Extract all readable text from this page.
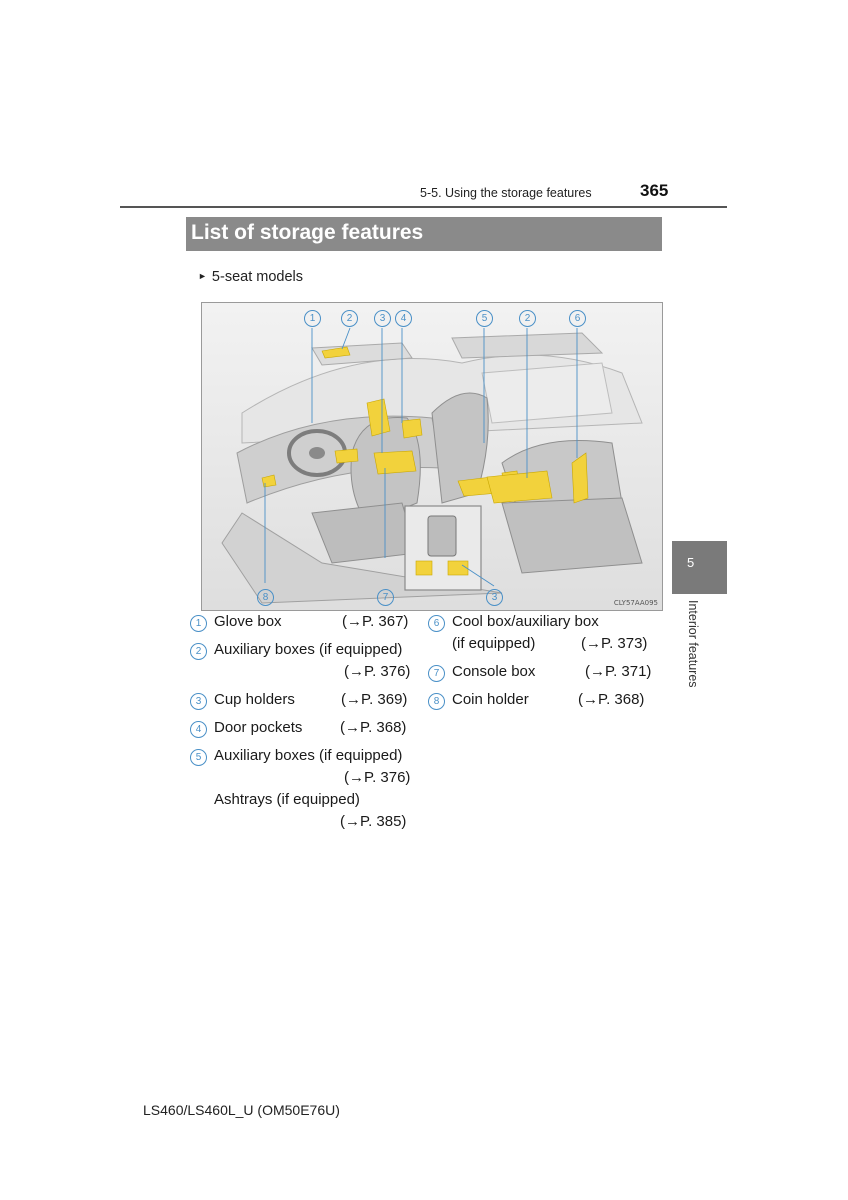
5-5. Using the storage features	365
List of storage features
► 5-seat models
1	2	3	4	5	2	6
8	7	3	CLY57AA095
1 Glove box	(→P. 367)
2 Auxiliary boxes (if equipped)
(→P. 376)
3 Cup holders	(→P. 369)
4 Door pockets	(→P. 368)
5 Auxiliary boxes (if equipped)
(→P. 376)
Ashtrays (if equipped)
(→P. 385)
6 Cool box/auxiliary box
(if equipped)	(→P. 373)
7 Console box	(→P. 371)
8 Coin holder	(→P. 368)
5
Interior features
LS460/LS460L_U (OM50E76U)
